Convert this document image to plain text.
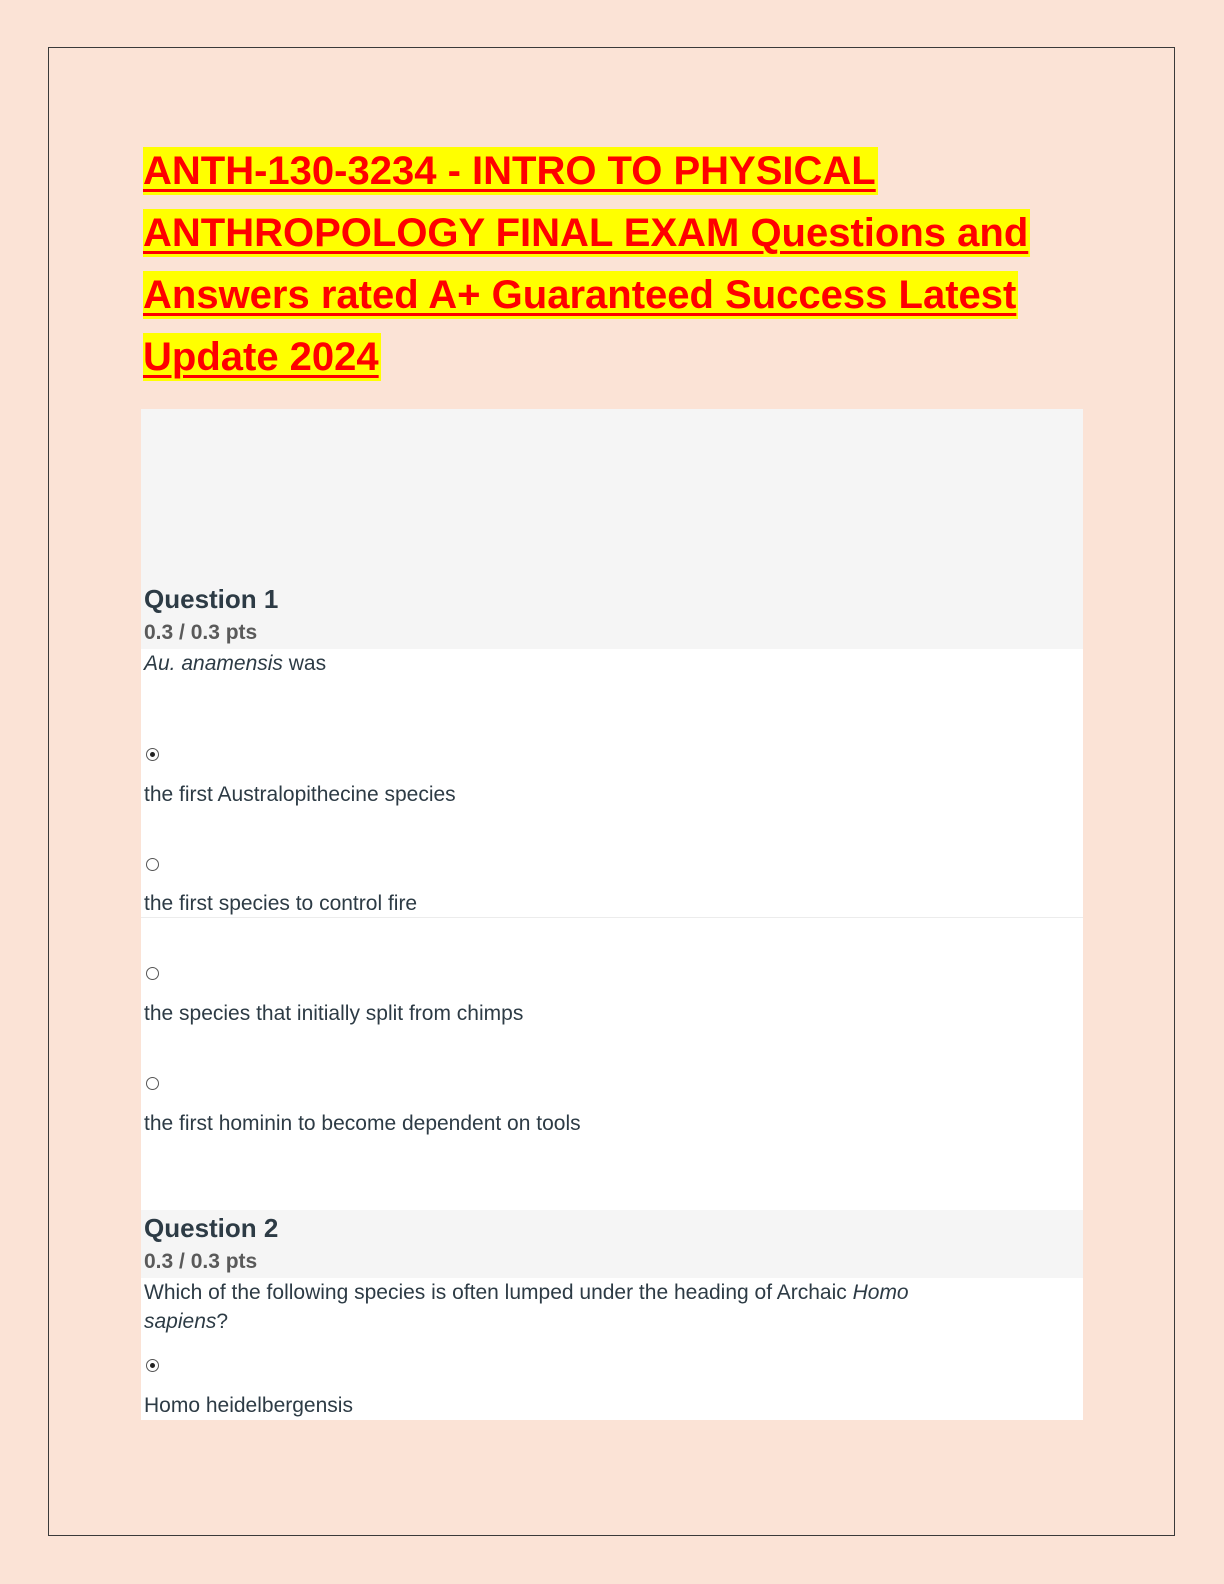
ANTH-130-3234 - INTRO TO PHYSICAL ANTHROPOLOGY FINAL EXAM Questions and Answers rated A+ Guaranteed Success Latest Update 2024
Question 1
0.3 / 0.3 pts
Au. anamensis was
the first Australopithecine species
the first species to control fire
the species that initially split from chimps
the first hominin to become dependent on tools
Question 2
0.3 / 0.3 pts
Which of the following species is often lumped under the heading of Archaic Homo
sapiens?
Homo heidelbergensis
